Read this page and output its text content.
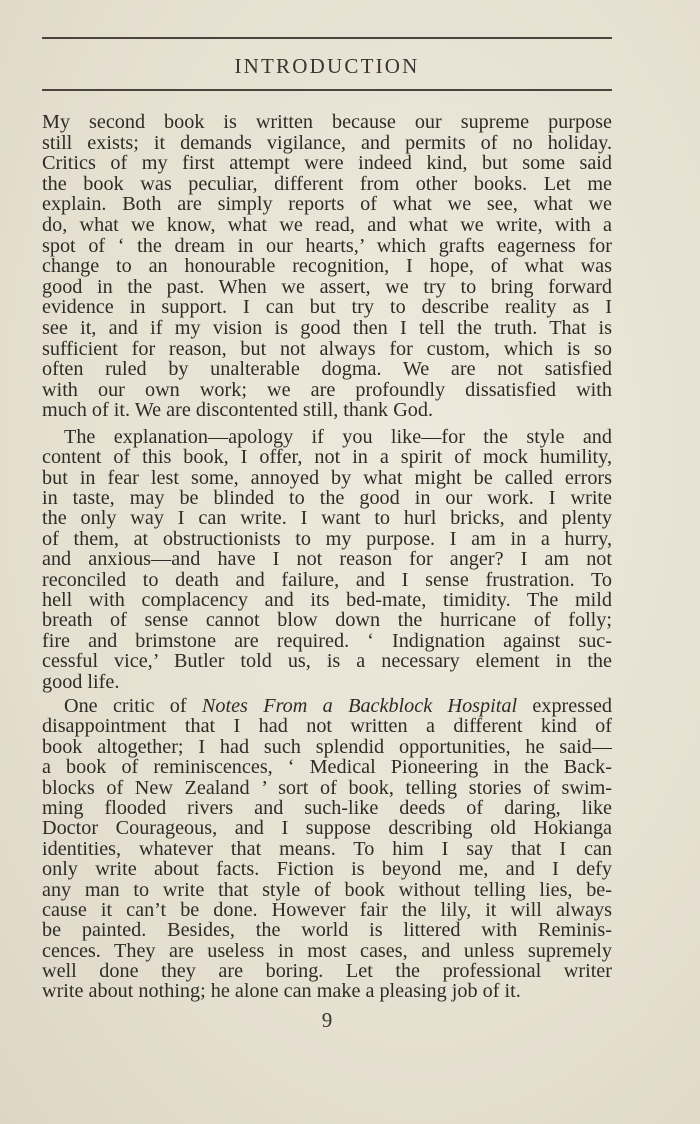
INTRODUCTION
My second book is written because our supreme purpose
still exists; it demands vigilance, and permits of no holiday.
Critics of my first attempt were indeed kind, but some said
the book was peculiar, different from other books. Let me
explain. Both are simply reports of what we see, what we
do, what we know, what we read, and what we write, with a
spot of ‘ the dream in our hearts,’ which grafts eagerness for
change to an honourable recognition, I hope, of what was
good in the past. When we assert, we try to bring forward
evidence in support. I can but try to describe reality as I
see it, and if my vision is good then I tell the truth. That is
sufficient for reason, but not always for custom, which is so
often ruled by unalterable dogma. We are not satisfied
with our own work; we are profoundly dissatisfied with
much of it. We are discontented still, thank God.
The explanation—apology if you like—for the style and
content of this book, I offer, not in a spirit of mock humility,
but in fear lest some, annoyed by what might be called errors
in taste, may be blinded to the good in our work. I write
the only way I can write. I want to hurl bricks, and plenty
of them, at obstructionists to my purpose. I am in a hurry,
and anxious—and have I not reason for anger? I am not
reconciled to death and failure, and I sense frustration. To
hell with complacency and its bed-mate, timidity. The mild
breath of sense cannot blow down the hurricane of folly;
fire and brimstone are required. ‘ Indignation against suc-
cessful vice,’ Butler told us, is a necessary element in the
good life.
One critic of Notes From a Backblock Hospital expressed
disappointment that I had not written a different kind of
book altogether; I had such splendid opportunities, he said—
a book of reminiscences, ‘ Medical Pioneering in the Back-
blocks of New Zealand ’ sort of book, telling stories of swim-
ming flooded rivers and such-like deeds of daring, like
Doctor Courageous, and I suppose describing old Hokianga
identities, whatever that means. To him I say that I can
only write about facts. Fiction is beyond me, and I defy
any man to write that style of book without telling lies, be-
cause it can’t be done. However fair the lily, it will always
be painted. Besides, the world is littered with Reminis-
cences. They are useless in most cases, and unless supremely
well done they are boring. Let the professional writer
write about nothing; he alone can make a pleasing job of it.
9
